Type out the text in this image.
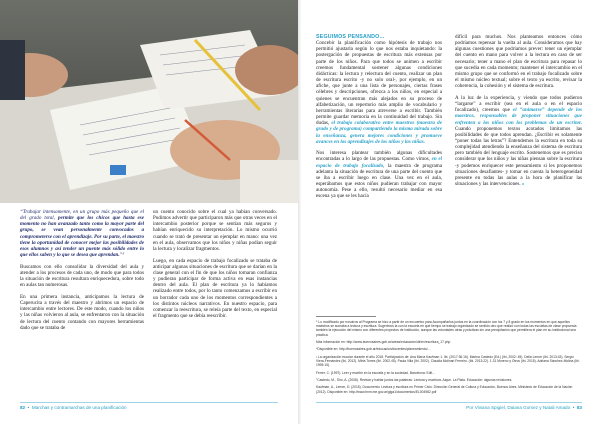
“Trabajar intensamente, en un grupo más pequeño que el del grado total, permite que los chicos que hasta ese momento no han avanzado tanto como la mayor parte del grupo, se vean personalmente convocados a comprometerse con el aprendizaje. Por su parte, el maestro tiene la oportunidad de conocer mejor las posibilidades de esos alumnos y así tender un puente más sólido entre lo que ellos saben y lo que se desea que aprendan.”⁵

Buscamos con ello consolidar la diversidad del aula y atender a los procesos de cada uno, de modo que para todos la situación de escritura resultara enriquecedora, sobre todo en aulas tan numerosas.

En una primera instancia, anticipamos la lectura de Caperucita a través del maestro y abrimos un espacio de intercambio entre lectores. De este modo, cuando los niños y las niñas volvieron al aula, se enfrentaron con la situación de lectura del cuento contando con mayores herramientas dado que se trataba de

un cuento conocido sobre el cual ya habían conversado. Pudimos advertir que participaron más que otras veces en el intercambio posterior porque se sentían más seguros y habían enriquecido su interpretación. Lo mismo ocurrió cuando se trató de presentar un ejemplar en mano: una vez en el aula, observamos que los niños y niñas podían seguir la lectura y localizar fragmentos.

Luego, en cada espacio de trabajo focalizado se trataba de anticipar algunas situaciones de escritura que se darían en la clase general con el fin de que los niños tomaran confianza y pudieran participar de forma activa en esas instancias dentro del aula. El plan de escritura ya lo habíamos realizado entre todos, por lo tanto comenzamos a escribir en un borrador cada uno de los momentos correspondientes a los distintos núcleos narrativos. En nuestro espacio, para comenzar la reescritura, se releía parte del texto, en especial el fragmento que se debía reescribir.

SEGUIMOS PENSANDO...

Concebir la planificación como hipótesis de trabajo nos permitió ajustarla según lo que nos estaba inquietando: la postergación de propuestas de escritura más extensas por parte de los niños. Para que todos se animen a escribir creemos fundamental sostener algunas condiciones didácticas: la lectura y relectura del cuento, realizar un plan de escritura escrito -y no solo oral-, por ejemplo, en un afiche, que junte a una lista de personajes, ciertas frases célebres y descripciones, ofrezca a los niños, en especial a quienes se encuentran más alejados en su proceso de alfabetización, un repertorio más amplio de vocabulario y herramientas literarias para atreverse a escribir. También permite guardar memoria en la continuidad del trabajo. Sin dudas, el trabajo colaborativo entre maestros (maestra de grado y de programa) compartiendo la misma mirada sobre la enseñanza, genera mejores condiciones y promueve avances en los aprendizajes de los niños y las niñas.

Nos interesa plantear también algunas dificultades encontradas a lo largo de las propuestas. Como vimos, en el espacio de trabajo focalizado, la maestra de programa adelanta la situación de escritura de una parte del cuento que se iba a escribir luego en clase. Una vez en el aula, esperábamos que estos niños pudieran trabajar con mayor autonomía. Pese a ello, resultó necesario mediar en esa escena ya que se les hacía

difícil para muchos. Nos planteamos entonces cómo podríamos repensar la vuelta al aula. Consideramos que hay algunas cuestiones que podríamos prever: tener un ejemplar del cuento en mano para volver a la lectura en caso de ser necesario; tener a mano el plan de escritura para repasar lo que sucedía en cada momento; mantener el intercambio en el mismo grupo que se conformó en el trabajo focalizado sobre el mismo núcleo textual; sobre el texto ya escrito, revisar la coherencia, la cohesión y el sistema de escritura.

A la luz de la experiencia, y viendo que todos pudieron “largarse” a escribir (sea en el aula o en el espacio focalizado), creemos que el “animarse” depende de los maestros, responsables de proponer situaciones que enfrenten a los niños con los problemas de un escritor. Cuando proponemos textos acotados limitamos las posibilidades de que todos aprendan. ¿Escribir es solamente “poner todas las letras”? Entendemos la escritura en toda su complejidad atendiendo la enseñanza del sistema de escritura pero también del lenguaje escrito. Sostenemos que es preciso considerar que los niños y las niñas piensan sobre la escritura -y podemos enriquecer este pensamiento si les proponemos situaciones desafiantes- y tomar en cuenta la heterogeneidad presente en todas las aulas a la hora de planificar las situaciones y las intervenciones. »

⁵ Lo modificado por nosotros al Programa se hizo a partir de un encuentro para Acompañarlos juntos en la coordinación con los 7 y 8 grado en los momentos en que aquellos maestros se sumaba a lectura y escritura. Sugerimos la con la escuela en qué tiempo se trabajo organizado se sentido otro que realizó con todas las escuelas de clase propuesta también la ejecución del mismo con diferentes proyectos de institución, aunque las voluntades otras y prácticas sin una precipitación que permitiera el plan en su institucional sea práctica.
Más información en: http://www.buenosaires.gob.ar/areas/educacion/dirinv/escritura_17.php
⁶Disponible en: http://buenosaires.gob.ar/educacion/docentes/planeamiento/...
¹ La organización escolar durante el año 2018. Participación de: Ana María Kaufman 1. Ibi. (2017:36.16). Marina Castedo (Ed.) (Ibi, 2002: 45). Delia Lerner (Ibi. 2013:43). Sergio Viera-Fernández (Ibi. 2012). Mirta Torres (Ibi. 2002.45). Paula Villa (Ibi. 2002). Claudia Molinari Ferreiro. (Ibi. 2013:22). 1.31 Moreno y Otros (Ibi. 2015). Adriana Sánchez-Molina (Ibi. 1995:15).
Ferrer, C. (1997). Leer y escribir en la escuela y en la sociedad. Barcelona: Edit...
⁷Castedo, M., Siro, A. (2008). Revisar y hablar juntos las palabras: Lectura y escritura. Aique. La Plata. Educación: algunas revisiones.
Kaufman, A., Lerner, D. (2015). Documento: Lectura y escritura en Primer Ciclo. Dirección General de Cultura y Educación, Buenos Aires. Ministerio de Educación de la Nación (2012). Disponible en: http://www.bnm.me.gov.ar/giga1/documentos/EL004982.pdf
82  •  Marchas y contramarchas de una planificación	Por Viviana Spigiel, Daiana Gomez y Natali Amado  •  83
